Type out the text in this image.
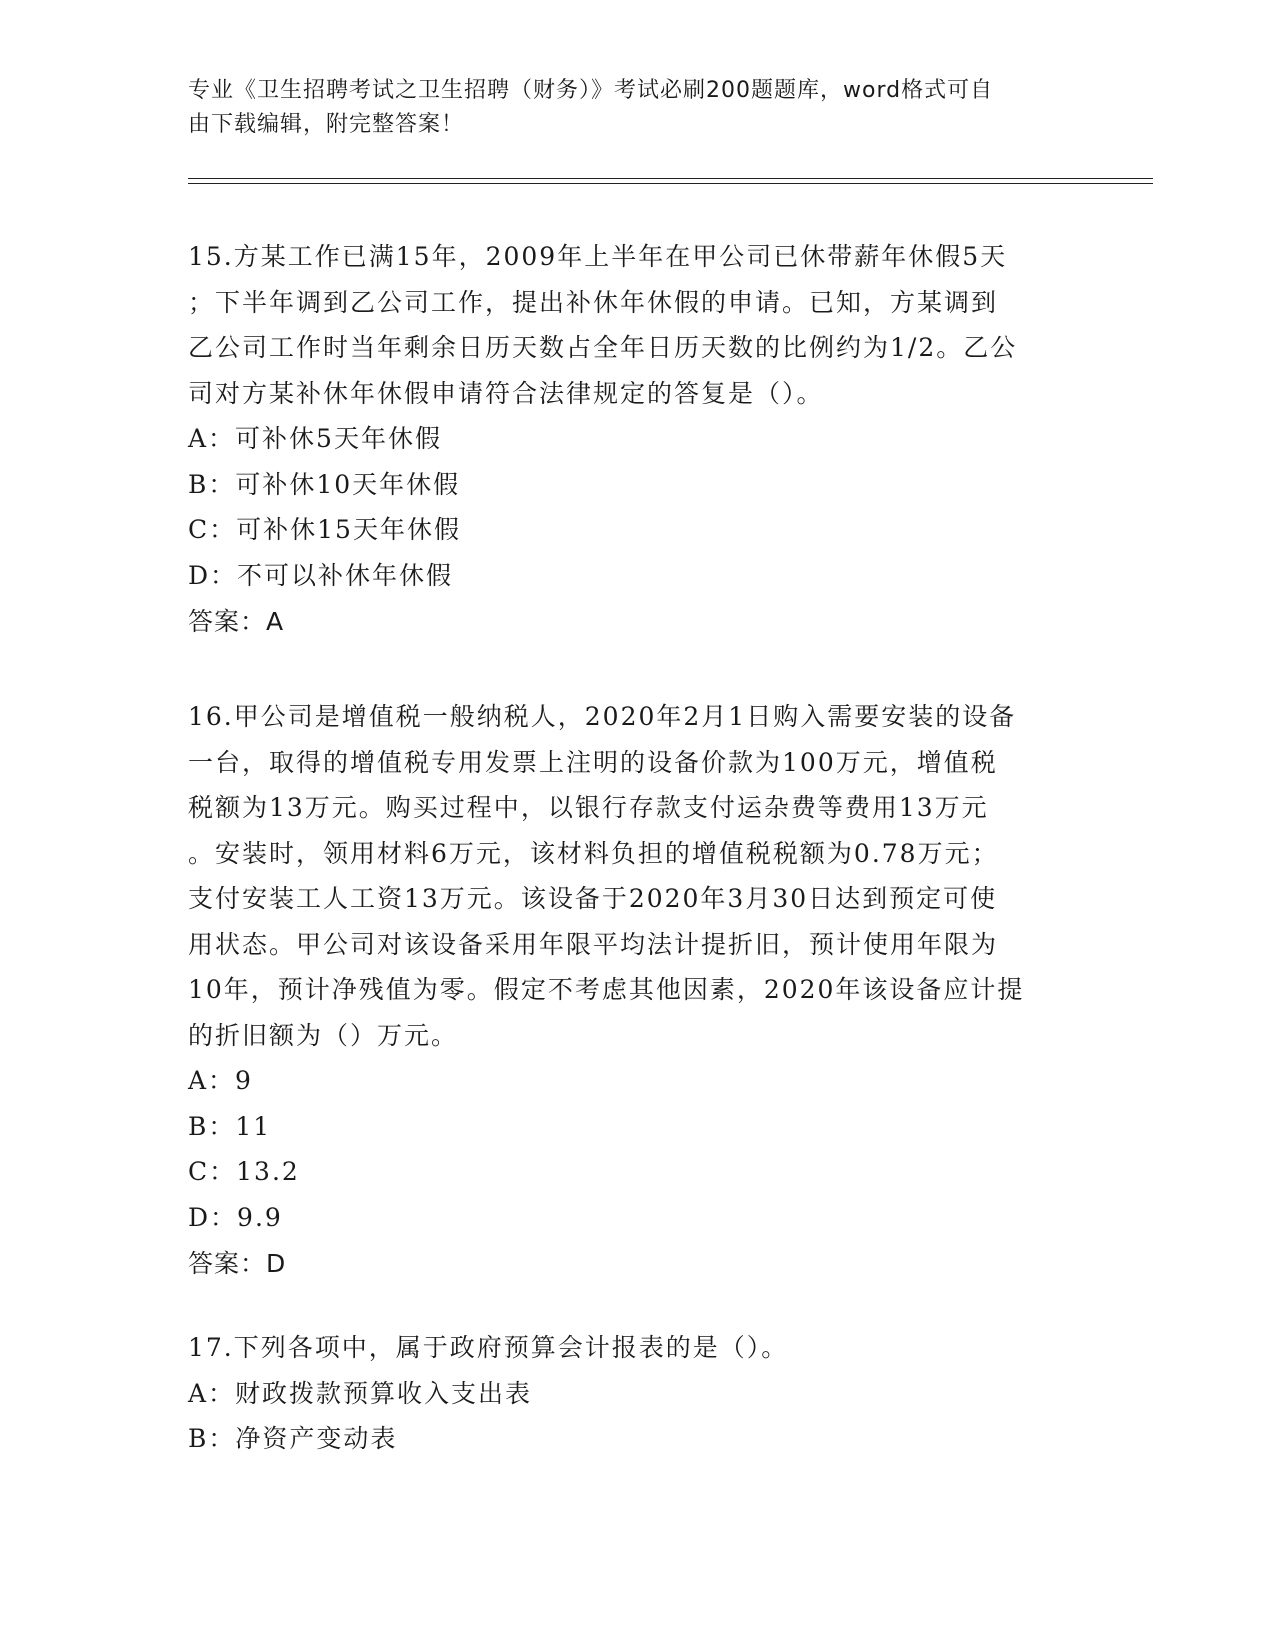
专业《卫生招聘考试之卫生招聘（财务）》考试必刷200题题库，word格式可自
由下载编辑，附完整答案！
15.方某工作已满15年，2009年上半年在甲公司已休带薪年休假5天
；下半年调到乙公司工作，提出补休年休假的申请。已知，方某调到
乙公司工作时当年剩余日历天数占全年日历天数的比例约为1/2。乙公
司对方某补休年休假申请符合法律规定的答复是（）。
A：可补休5天年休假
B：可补休10天年休假
C：可补休15天年休假
D：不可以补休年休假
答案：A
16.甲公司是增值税一般纳税人，2020年2月1日购入需要安装的设备
一台，取得的增值税专用发票上注明的设备价款为100万元，增值税
税额为13万元。购买过程中，以银行存款支付运杂费等费用13万元
。安装时，领用材料6万元，该材料负担的增值税税额为0.78万元；
支付安装工人工资13万元。该设备于2020年3月30日达到预定可使
用状态。甲公司对该设备采用年限平均法计提折旧，预计使用年限为
10年，预计净残值为零。假定不考虑其他因素，2020年该设备应计提
的折旧额为（）万元。
A：9
B：11
C：13.2
D：9.9
答案：D
17.下列各项中，属于政府预算会计报表的是（）。
A：财政拨款预算收入支出表
B：净资产变动表
